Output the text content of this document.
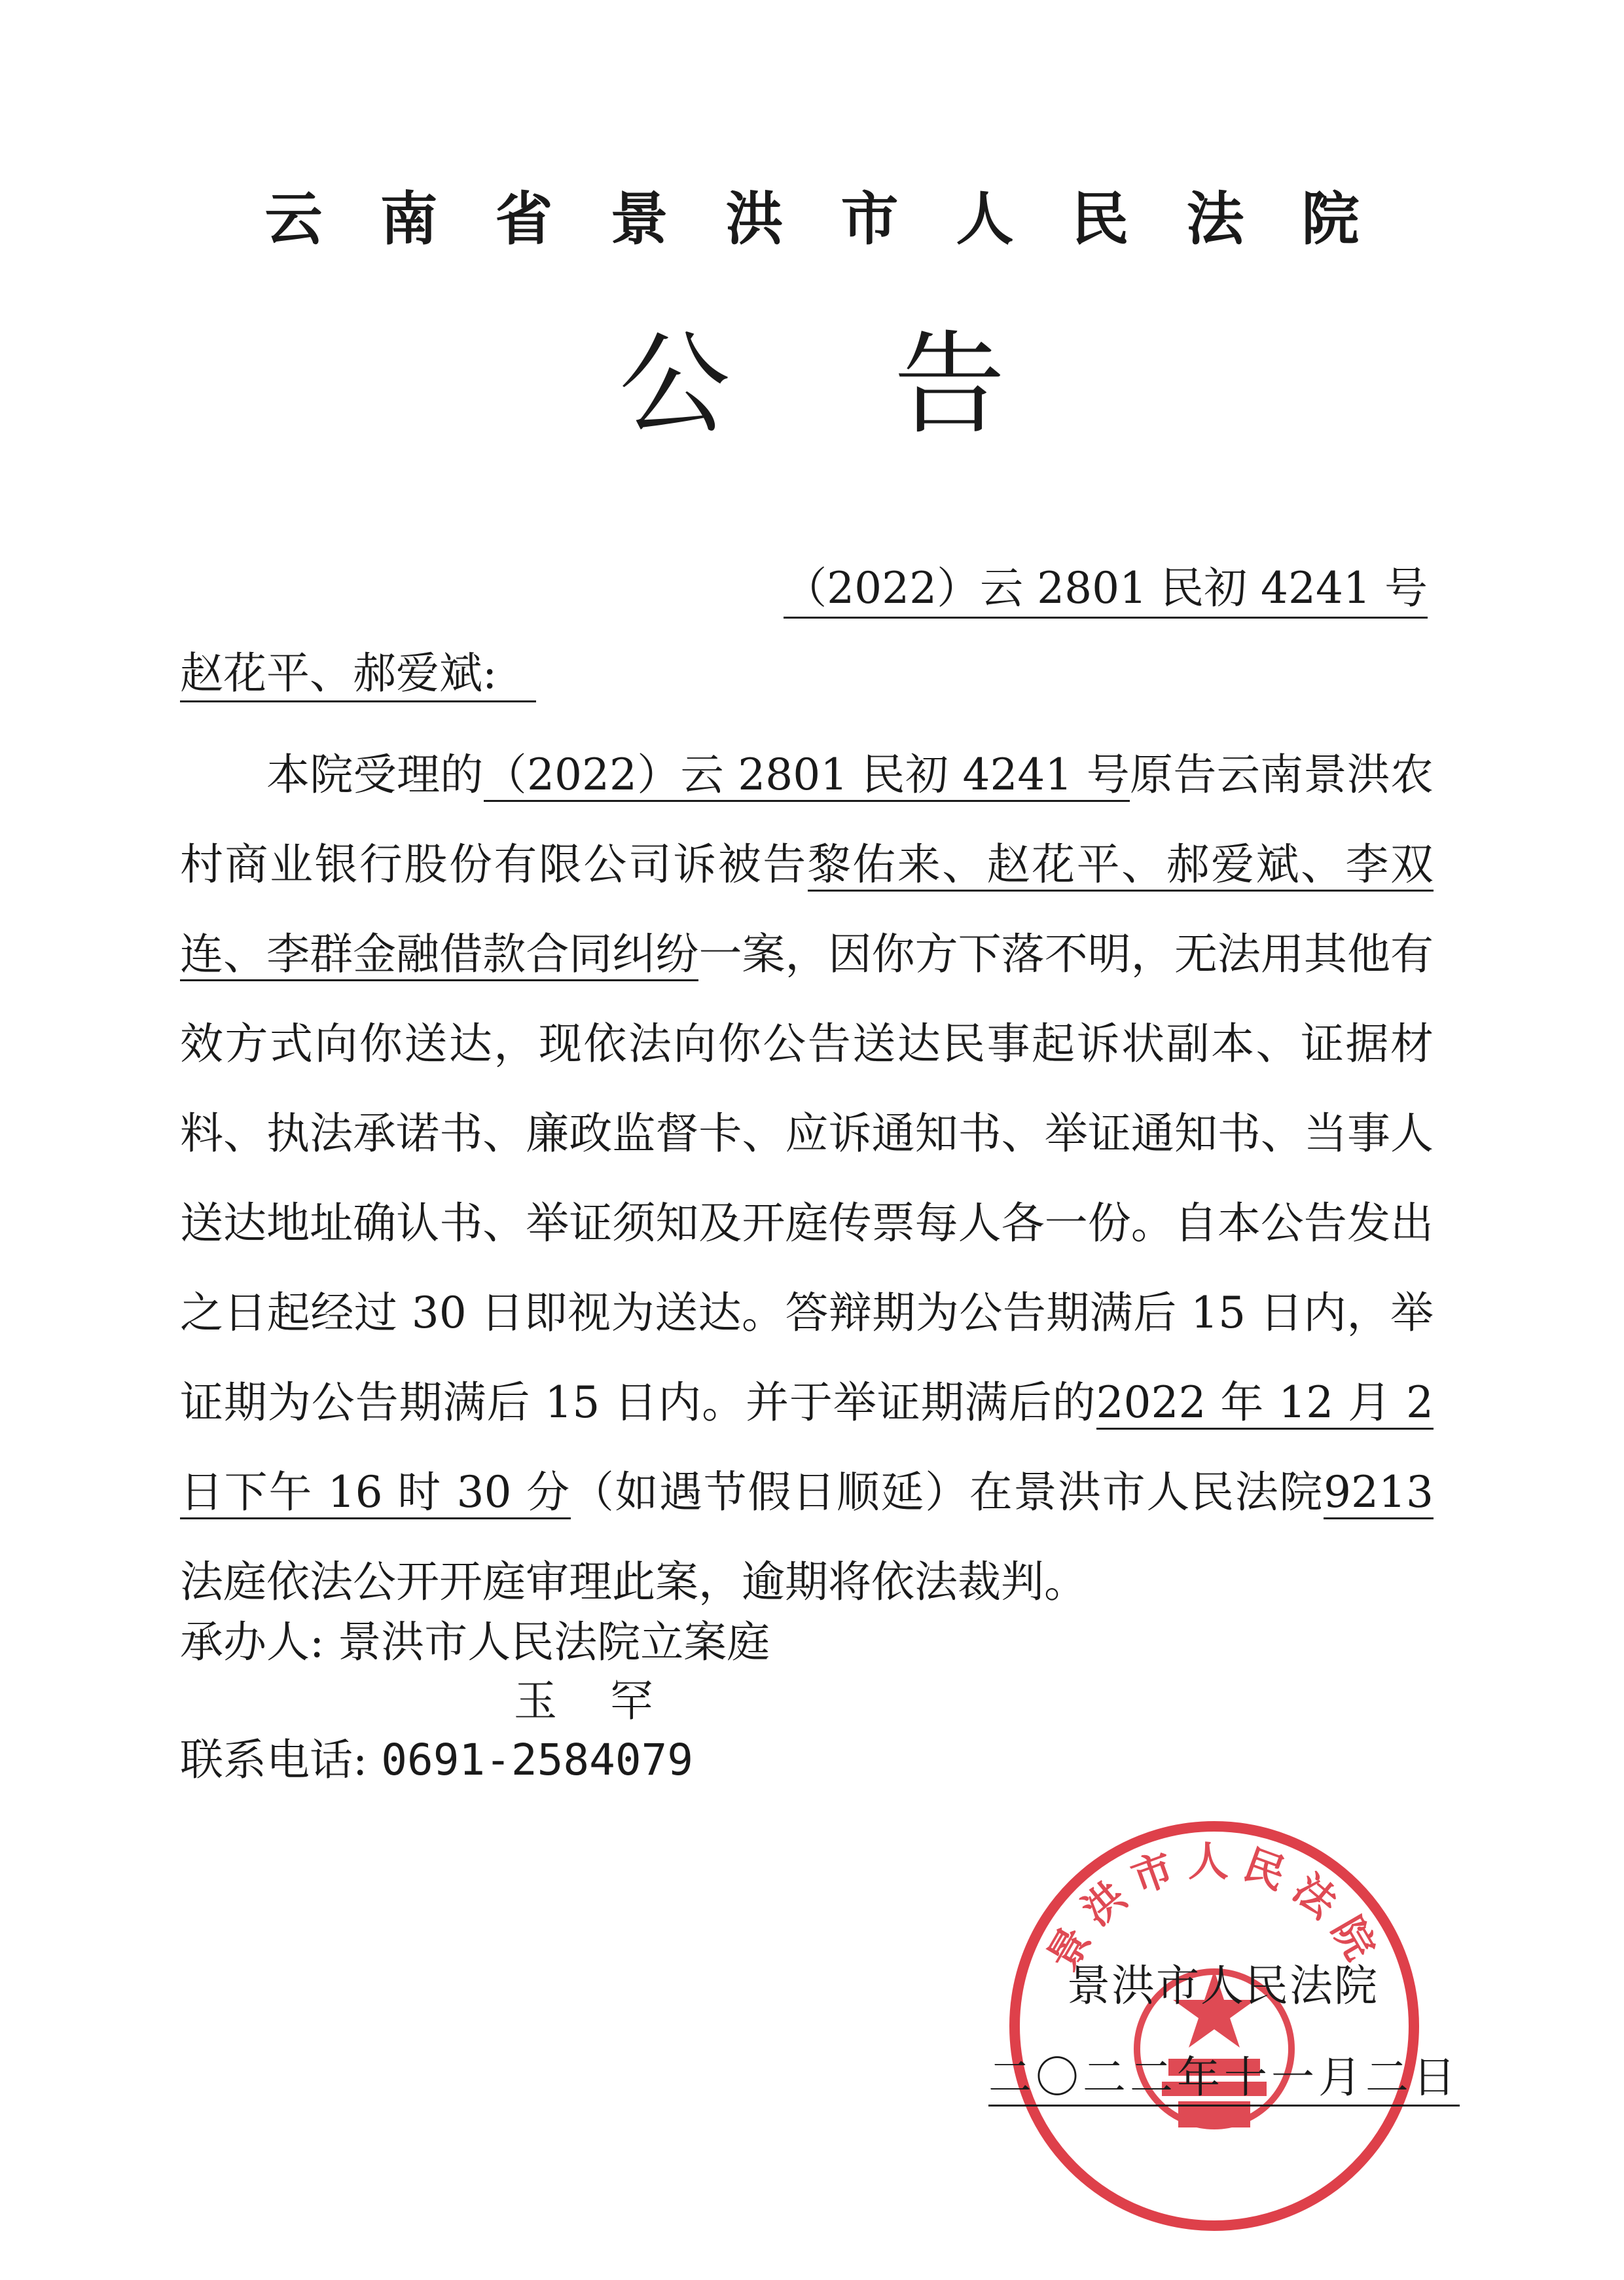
云南省景洪市人民法院
公告
（2022）云 2801 民初 4241 号
赵花平、郝爱斌:
本院受理的（2022）云 2801 民初 4241 号原告云南景洪农村商业银行股份有限公司诉被告黎佑来、赵花平、郝爱斌、李双连、李群金融借款合同纠纷一案，因你方下落不明，无法用其他有效方式向你送达，现依法向你公告送达民事起诉状副本、证据材料、执法承诺书、廉政监督卡、应诉通知书、举证通知书、当事人送达地址确认书、举证须知及开庭传票每人各一份。自本公告发出之日起经过 30 日即视为送达。答辩期为公告期满后 15 日内，举证期为公告期满后 15 日内。并于举证期满后的2022 年 12 月 2 日下午 16 时 30 分（如遇节假日顺延）在景洪市人民法院9213法庭依法公开开庭审理此案，逾期将依法裁判。
承办人: 景洪市人民法院立案庭
玉 罕
联系电话: 0691-2584079
景洪市人民法院
景洪市人民法院
二〇二二年十一月二日
